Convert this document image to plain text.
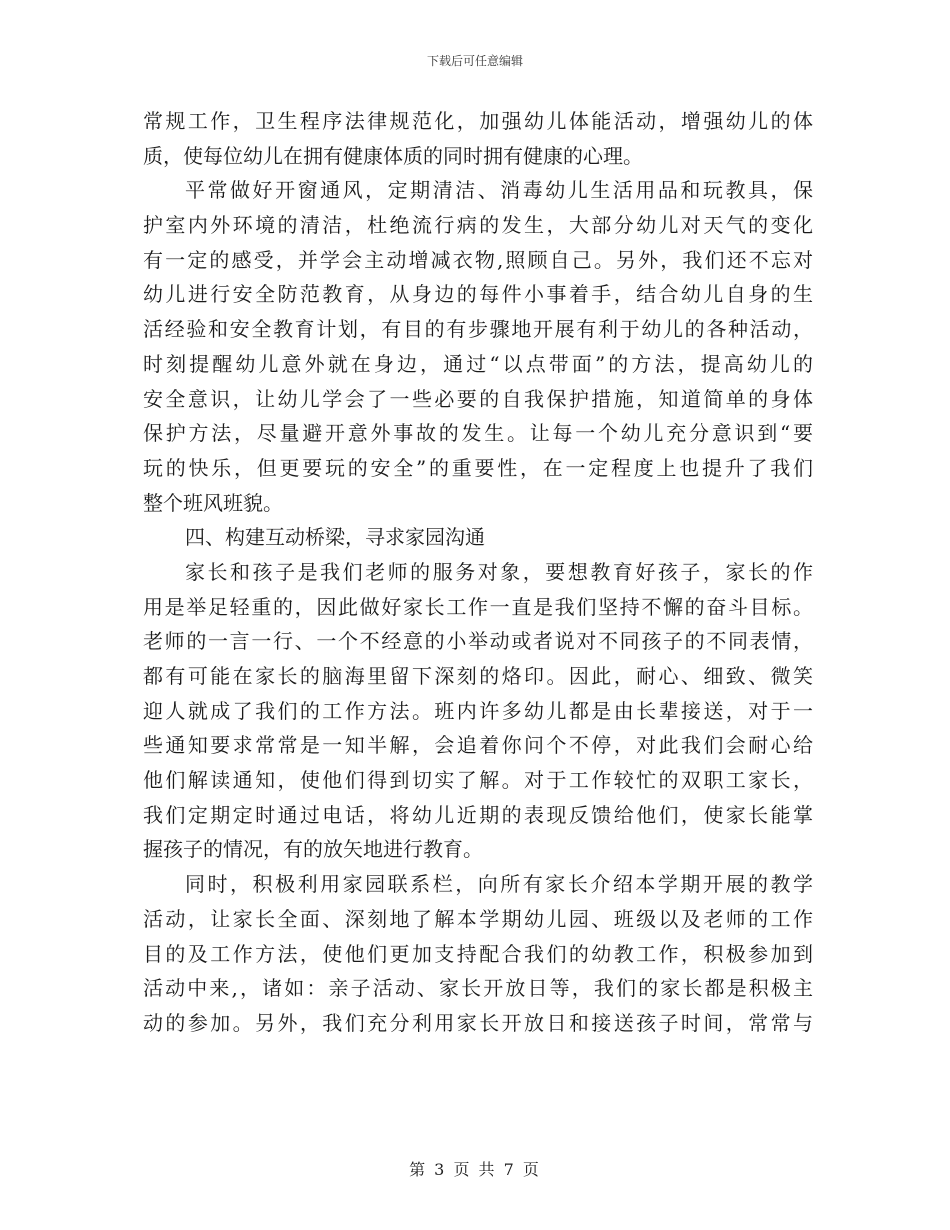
下载后可任意编辑
常规工作，卫生程序法律规范化，加强幼儿体能活动，增强幼儿的体
质，使每位幼儿在拥有健康体质的同时拥有健康的心理。
平常做好开窗通风，定期清洁、消毒幼儿生活用品和玩教具，保
护室内外环境的清洁，杜绝流行病的发生，大部分幼儿对天气的变化
有一定的感受，并学会主动增减衣物,照顾自己。另外，我们还不忘对
幼儿进行安全防范教育，从身边的每件小事着手，结合幼儿自身的生
活经验和安全教育计划，有目的有步骤地开展有利于幼儿的各种活动，
时刻提醒幼儿意外就在身边，通过“以点带面”的方法，提高幼儿的
安全意识，让幼儿学会了一些必要的自我保护措施，知道简单的身体
保护方法，尽量避开意外事故的发生。让每一个幼儿充分意识到“要
玩的快乐，但更要玩的安全”的重要性，在一定程度上也提升了我们
整个班风班貌。
四、构建互动桥梁，寻求家园沟通
家长和孩子是我们老师的服务对象，要想教育好孩子，家长的作
用是举足轻重的，因此做好家长工作一直是我们坚持不懈的奋斗目标。
老师的一言一行、一个不经意的小举动或者说对不同孩子的不同表情，
都有可能在家长的脑海里留下深刻的烙印。因此，耐心、细致、微笑
迎人就成了我们的工作方法。班内许多幼儿都是由长辈接送，对于一
些通知要求常常是一知半解，会追着你问个不停，对此我们会耐心给
他们解读通知，使他们得到切实了解。对于工作较忙的双职工家长，
我们定期定时通过电话，将幼儿近期的表现反馈给他们，使家长能掌
握孩子的情况，有的放矢地进行教育。
同时，积极利用家园联系栏，向所有家长介绍本学期开展的教学
活动，让家长全面、深刻地了解本学期幼儿园、班级以及老师的工作
目的及工作方法，使他们更加支持配合我们的幼教工作，积极参加到
活动中来,，诸如：亲子活动、家长开放日等，我们的家长都是积极主
动的参加。另外，我们充分利用家长开放日和接送孩子时间，常常与
第 3 页 共 7 页
